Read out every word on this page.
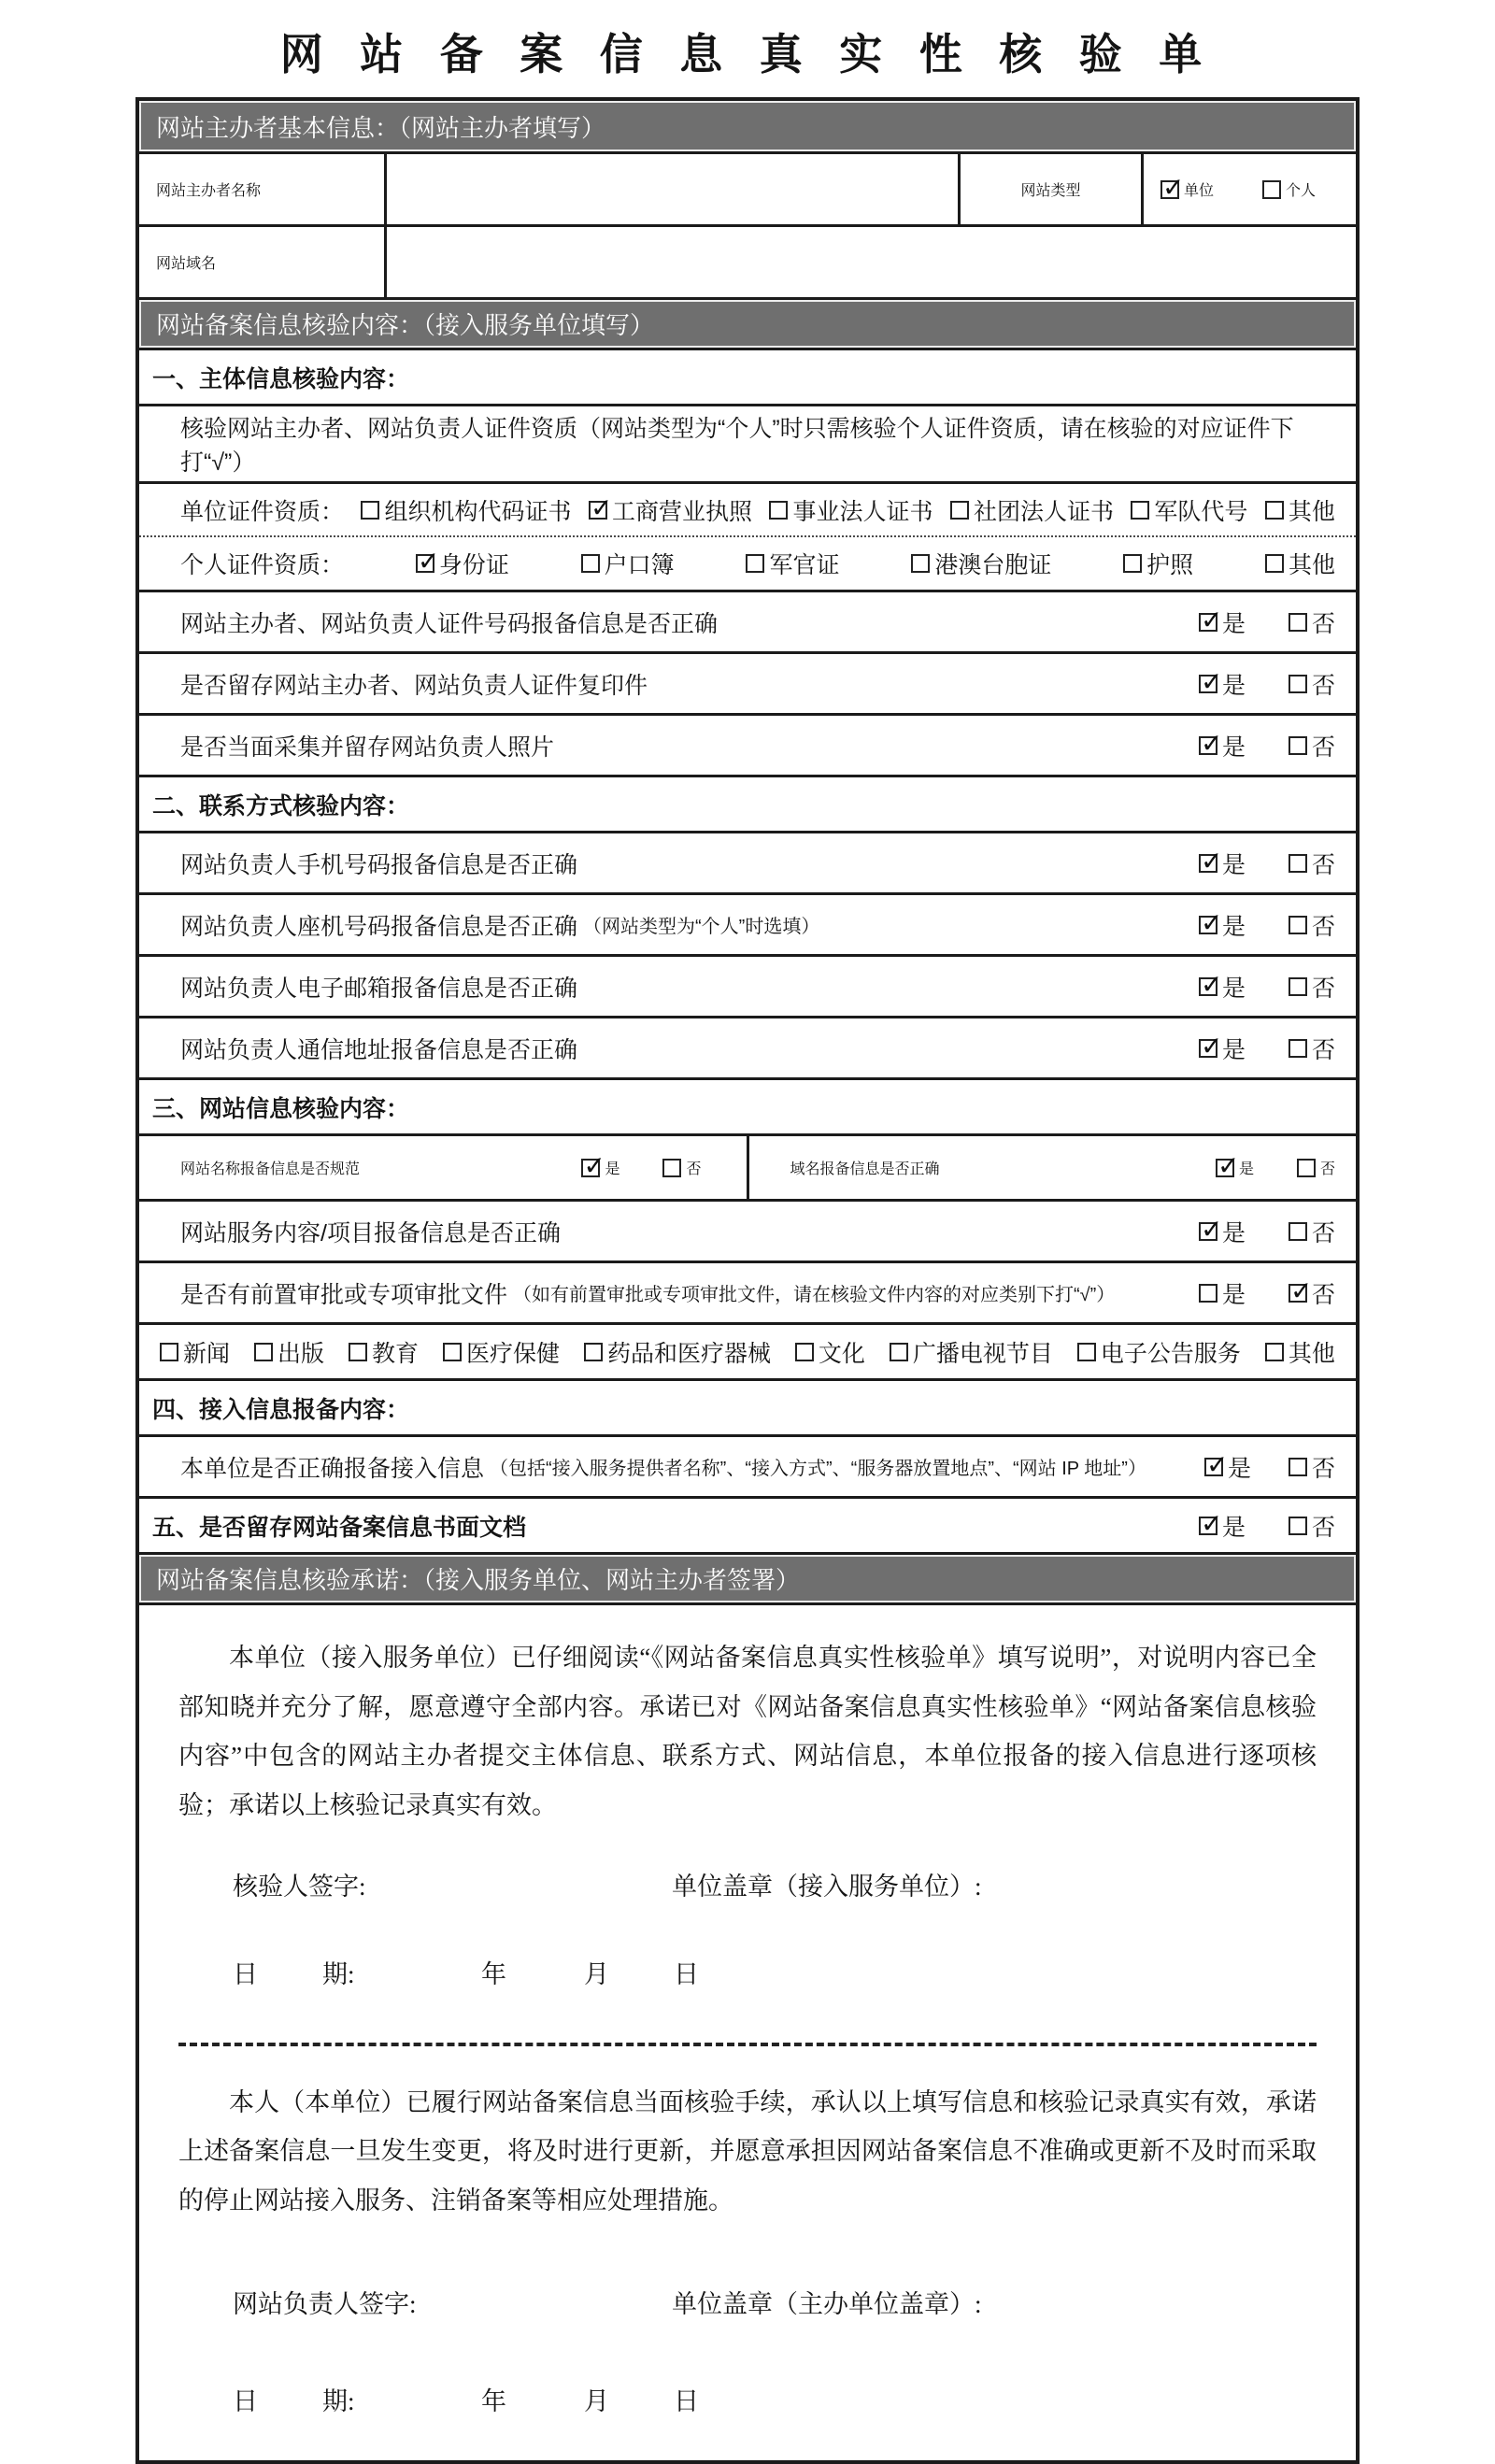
网 站 备 案 信 息 真 实 性 核 验 单
网站主办者基本信息：（网站主办者填写）
网站主办者名称	网站类型 ✓	单位	个人
网站域名
网站备案信息核验内容：（接入服务单位填写）
一、主体信息核验内容：
核验网站主办者、网站负责人证件资质（网站类型为“个人”时只需核验个人证件资质，请在核验的对应证件下打“√”）
单位证件资质： 组织机构代码证书 ✓ 工商营业执照 事业法人证书 社团法人证书 军队代号 其他
个人证件资质： ✓	身份证	户口簿	军官证	港澳台胞证	护照	其他
网站主办者、网站负责人证件号码报备信息是否正确 ✓	是	否
是否留存网站主办者、网站负责人证件复印件 ✓	是	否
是否当面采集并留存网站负责人照片 ✓	是	否
二、联系方式核验内容：
网站负责人手机号码报备信息是否正确 ✓	是	否
网站负责人座机号码报备信息是否正确 （网站类型为“个人”时选填） ✓	是	否
网站负责人电子邮箱报备信息是否正确 ✓	是	否
网站负责人通信地址报备信息是否正确 ✓	是	否
三、网站信息核验内容：
网站名称报备信息是否规范 ✓	是	否	域名报备信息是否正确 ✓	是	否
网站服务内容/项目报备信息是否正确 ✓	是	否
是否有前置审批或专项审批文件 （如有前置审批或专项审批文件，请在核验文件内容的对应类别下打“√”）	是 ✓	否
新闻 出版 教育 医疗保健 药品和医疗器械 文化 广播电视节目 电子公告服务 其他
四、接入信息报备内容：
本单位是否正确报备接入信息 （包括“接入服务提供者名称”、“接入方式”、“服务器放置地点”、“网站 IP 地址”） ✓	是	否
五、是否留存网站备案信息书面文档 ✓	是	否
网站备案信息核验承诺：（接入服务单位、网站主办者签署）

本单位（接入服务单位）已仔细阅读“《网站备案信息真实性核验单》填写说明”，对说明内容已全部知晓并充分了解，愿意遵守全部内容。承诺已对《网站备案信息真实性核验单》“网站备案信息核验内容”中包含的网站主办者提交主体信息、联系方式、网站信息，本单位报备的接入信息进行逐项核验；承诺以上核验记录真实有效。

核验人签字:	单位盖章（接入服务单位）:
日	期:	年	月	日

本人（本单位）已履行网站备案信息当面核验手续，承认以上填写信息和核验记录真实有效，承诺上述备案信息一旦发生变更，将及时进行更新，并愿意承担因网站备案信息不准确或更新不及时而采取的停止网站接入服务、注销备案等相应处理措施。

网站负责人签字:	单位盖章（主办单位盖章）:
日	期:	年	月	日
